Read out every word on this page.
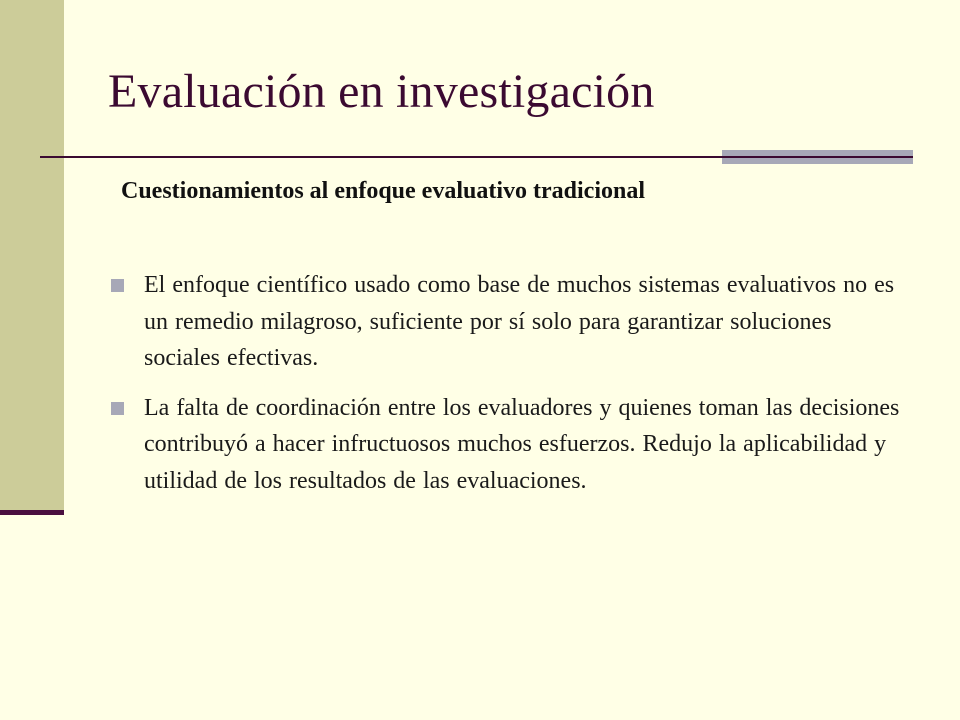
Evaluación en investigación
Cuestionamientos al enfoque evaluativo tradicional
El enfoque científico usado como base de muchos sistemas evaluativos no es un remedio milagroso, suficiente por sí solo para garantizar soluciones sociales efectivas.
La falta de coordinación entre los evaluadores y quienes toman las decisiones contribuyó a hacer infructuosos muchos esfuerzos. Redujo la aplicabilidad y utilidad de los resultados de las evaluaciones.
